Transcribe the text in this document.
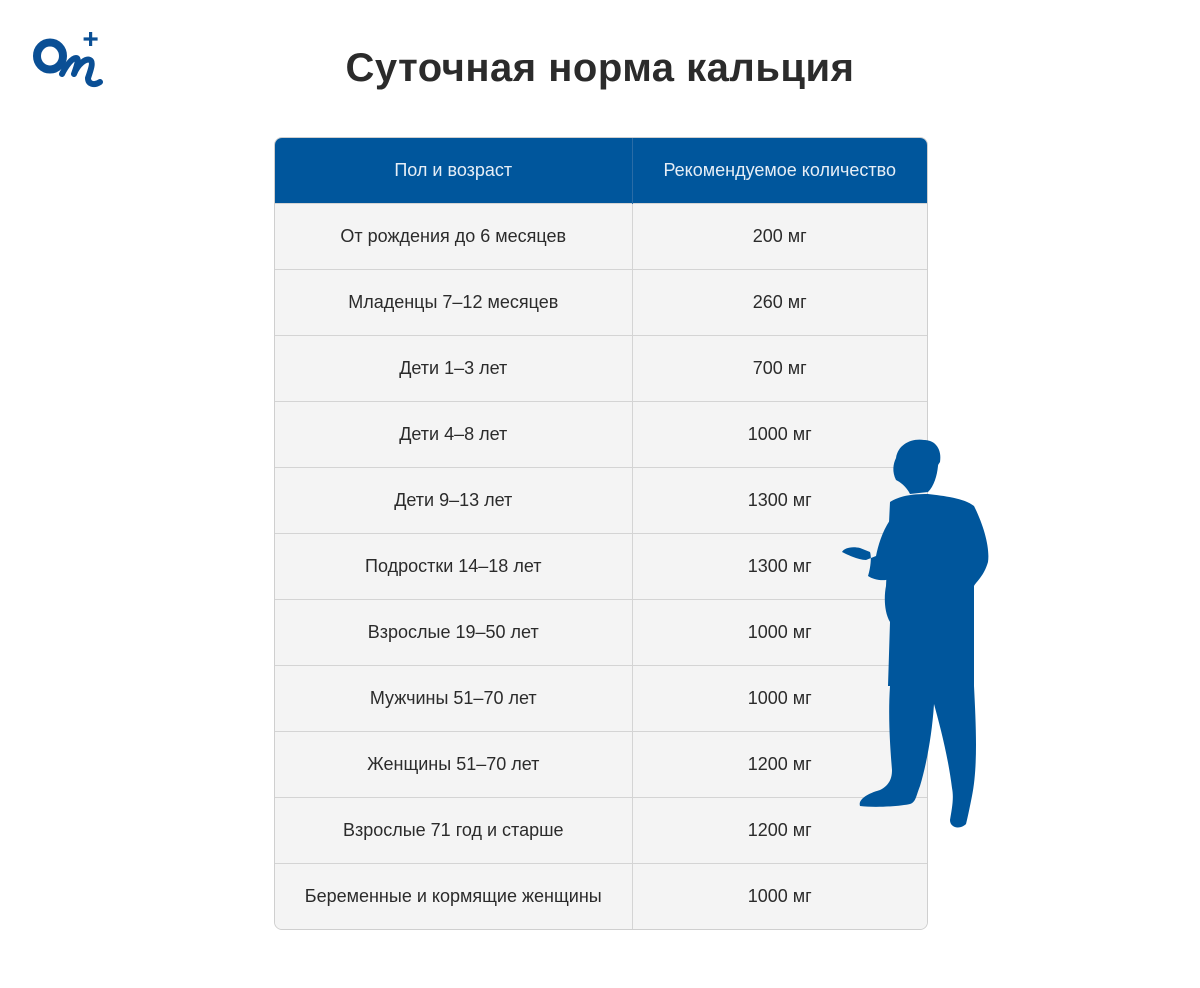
Суточная норма кальция
Пол и возраст	Рекомендуемое количество
От рождения до 6 месяцев	200 мг
Младенцы 7–12 месяцев	260 мг
Дети 1–3 лет	700 мг
Дети 4–8 лет	1000 мг
Дети 9–13 лет	1300 мг
Подростки 14–18 лет	1300 мг
Взрослые 19–50 лет	1000 мг
Мужчины 51–70 лет	1000 мг
Женщины 51–70 лет	1200 мг
Взрослые 71 год и старше	1200 мг
Беременные и кормящие женщины	1000 мг
